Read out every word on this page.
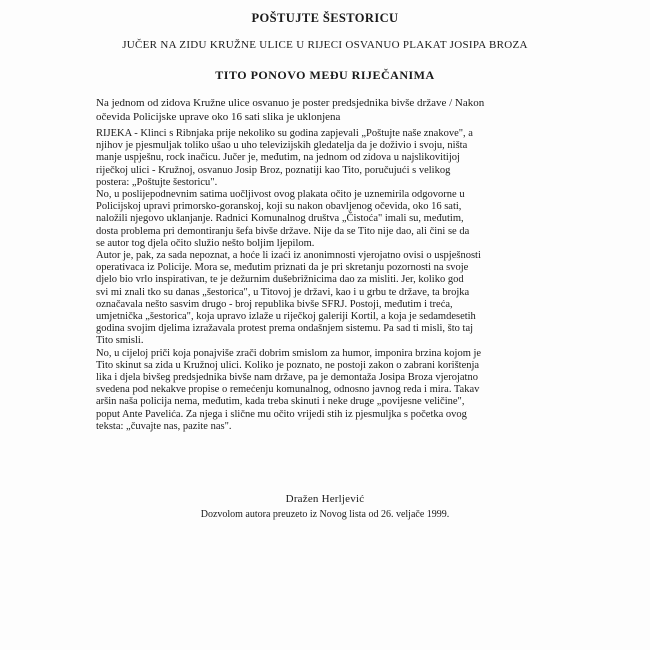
POŠTUJTE ŠESTORICU
JUČER NA ZIDU KRUŽNE ULICE U RIJECI OSVANUO PLAKAT JOSIPA BROZA
TITO PONOVO MEĐU RIJEČANIMA
Na jednom od zidova Kružne ulice osvanuo je poster predsjednika bivše države / Nakon
očevida Policijske uprave oko 16 sati slika je uklonjena
RIJEKA - Klinci s Ribnjaka prije nekoliko su godina zapjevali „Poštujte naše znakove", a
njihov je pjesmuljak toliko ušao u uho televizijskih gledatelja da je doživio i svoju, ništa
manje uspješnu, rock inačicu. Jučer je, međutim, na jednom od zidova u najslikovitijoj
riječkoj ulici - Kružnoj, osvanuo Josip Broz, poznatiji kao Tito, poručujući s velikog
postera: „Poštujte šestoricu".
No, u poslijepodnevnim satima uočljivost ovog plakata očito je uznemirila odgovorne u
Policijskoj upravi primorsko-goranskoj, koji su nakon obavljenog očevida, oko 16 sati,
naložili njegovo uklanjanje. Radnici Komunalnog društva „Čistoća" imali su, međutim,
dosta problema pri demontiranju šefa bivše države. Nije da se Tito nije dao, ali čini se da
se autor tog djela očito služio nešto boljim ljepilom.
Autor je, pak, za sada nepoznat, a hoće li izaći iz anonimnosti vjerojatno ovisi o uspješnosti
operativaca iz Policije. Mora se, međutim priznati da je pri skretanju pozornosti na svoje
djelo bio vrlo inspirativan, te je dežurnim dušebrižnicima dao za misliti. Jer, koliko god
svi mi znali tko su danas „šestorica", u Titovoj je državi, kao i u grbu te države, ta brojka
označavala nešto sasvim drugo - broj republika bivše SFRJ. Postoji, međutim i treća,
umjetnička „šestorica", koja upravo izlaže u riječkoj galeriji Kortil, a koja je sedamdesetih
godina svojim djelima izražavala protest prema ondašnjem sistemu. Pa sad ti misli, što taj
Tito smisli.
No, u cijeloj priči koja ponajviše zrači dobrim smislom za humor, imponira brzina kojom je
Tito skinut sa zida u Kružnoj ulici. Koliko je poznato, ne postoji zakon o zabrani korištenja
lika i djela bivšeg predsjednika bivše nam države, pa je demontaža Josipa Broza vjerojatno
svedena pod nekakve propise o remećenju komunalnog, odnosno javnog reda i mira. Takav
aršin naša policija nema, međutim, kada treba skinuti i neke druge „povijesne veličine",
poput Ante Pavelića. Za njega i slične mu očito vrijedi stih iz pjesmuljka s početka ovog
teksta: „čuvajte nas, pazite nas".
Dražen Herljević
Dozvolom autora preuzeto iz Novog lista od 26. veljače 1999.
